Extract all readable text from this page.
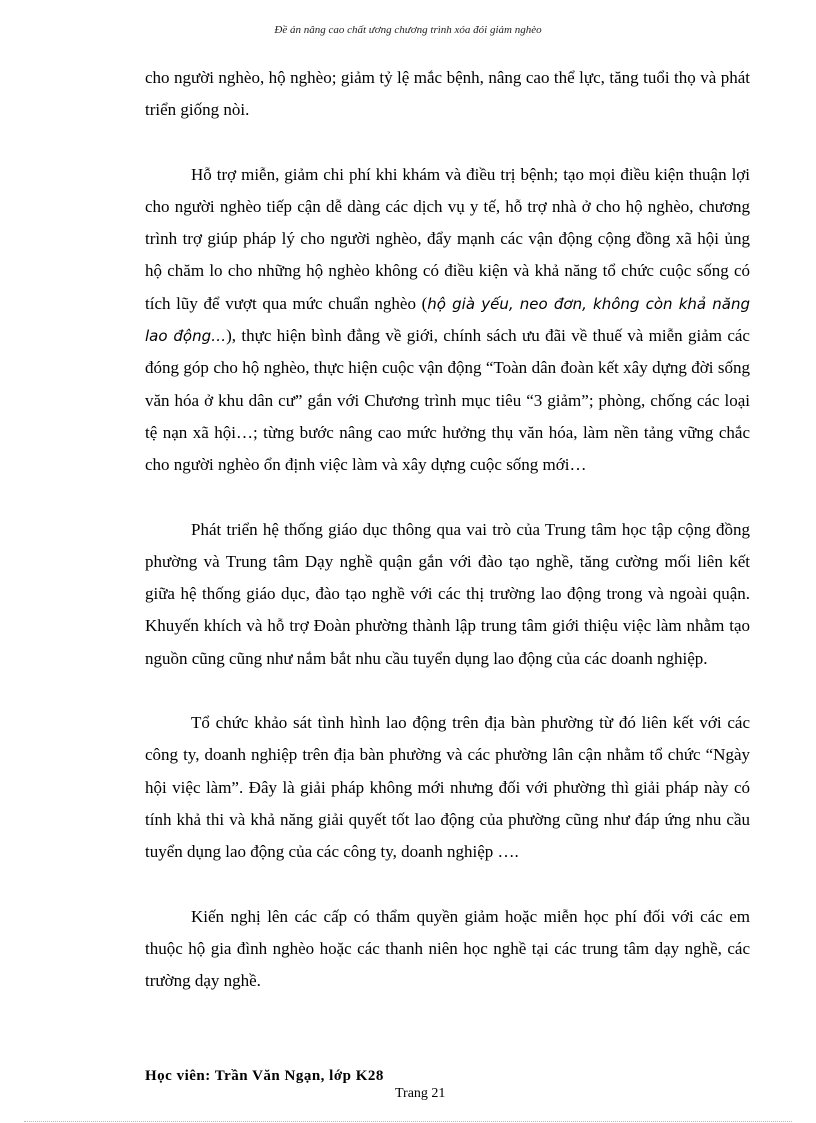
Đề án nâng cao chất ương chương trình xóa đói giảm nghèo

cho người nghèo, hộ nghèo; giảm tỷ lệ mắc bệnh, nâng cao thể lực, tăng tuổi thọ và phát triển giống nòi.

Hỗ trợ miễn, giảm chi phí khi khám và điều trị bệnh; tạo mọi điều kiện thuận lợi cho người nghèo tiếp cận dễ dàng các dịch vụ y tế, hỗ trợ nhà ở cho hộ nghèo, chương trình trợ giúp pháp lý cho người nghèo, đẩy mạnh các vận động cộng đồng xã hội ủng hộ chăm lo cho những hộ nghèo không có điều kiện và khả năng tổ chức cuộc sống có tích lũy để vượt qua mức chuẩn nghèo (hộ già yếu, neo đơn, không còn khả năng lao động…), thực hiện bình đẳng về giới, chính sách ưu đãi về thuế và miễn giảm các đóng góp cho hộ nghèo, thực hiện cuộc vận động “Toàn dân đoàn kết xây dựng đời sống văn hóa ở khu dân cư” gắn với Chương trình mục tiêu “3 giảm”; phòng, chống các loại tệ nạn xã hội…; từng bước nâng cao mức hưởng thụ văn hóa, làm nền tảng vững chắc cho người nghèo ổn định việc làm và xây dựng cuộc sống mới…

Phát triển hệ thống giáo dục thông qua vai trò của Trung tâm học tập cộng đồng phường và Trung tâm Dạy nghề quận gắn với đào tạo nghề, tăng cường mối liên kết giữa hệ thống giáo dục, đào tạo nghề với các thị trường lao động trong và ngoài quận. Khuyến khích và hỗ trợ Đoàn phường thành lập trung tâm giới thiệu việc làm nhằm tạo nguồn cũng cũng như nắm bắt nhu cầu tuyển dụng lao động của các doanh nghiệp.

Tổ chức khảo sát tình hình lao động trên địa bàn phường từ đó liên kết với các công ty, doanh nghiệp trên địa bàn phường và các phường lân cận nhằm tổ chức “Ngày hội việc làm”. Đây là giải pháp không mới nhưng đối với phường thì giải pháp này có tính khả thi và khả năng giải quyết tốt lao động của phường cũng như đáp ứng nhu cầu tuyển dụng lao động của các công ty, doanh nghiệp ….

Kiến nghị lên các cấp có thẩm quyền giảm hoặc miễn học phí đối với các em thuộc hộ gia đình nghèo hoặc các thanh niên học nghề tại các trung tâm dạy nghề, các trường dạy nghề.

Học viên: Trần Văn Ngạn, lớp K28
Trang 21
